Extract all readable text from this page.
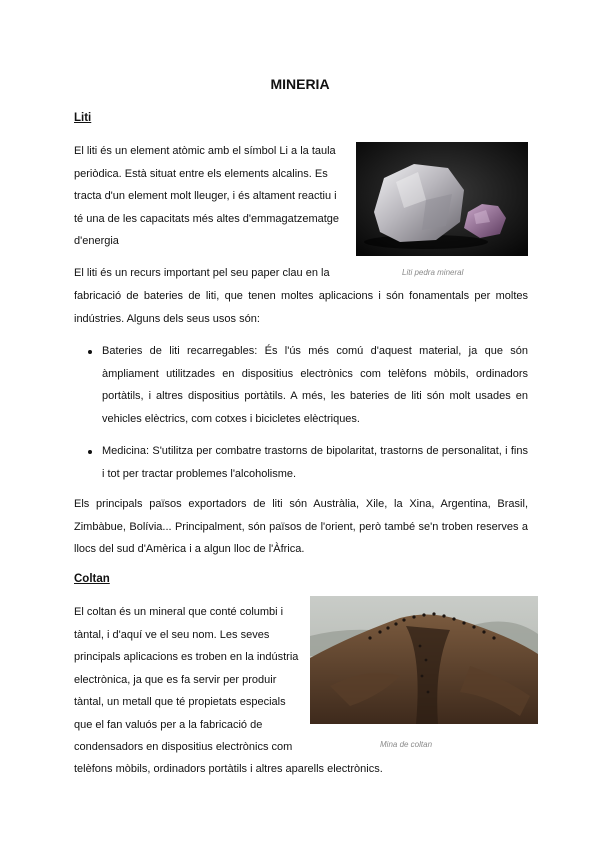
MINERIA
Liti
El liti és un element atòmic amb el símbol Li a la taula
periòdica. Està situat entre els elements alcalins. Es
tracta d'un element molt lleuger, i és altament reactiu i
té una de les capacitats més altes d'emmagatzematge
d'energia
Liti pedra mineral
El liti és un recurs important pel seu paper clau en la
fabricació de bateries de liti, que tenen moltes aplicacions i són fonamentals per moltes indústries. Alguns dels seus usos són:
Bateries de liti recarregables: És l'ús més comú d'aquest material, ja que són àmpliament utilitzades en dispositius electrònics com telèfons mòbils, ordinadors portàtils, i altres dispositius portàtils. A més, les bateries de liti són molt usades en vehicles elèctrics, com cotxes i bicicletes elèctriques.
Medicina: S'utilitza per combatre trastorns de bipolaritat, trastorns de personalitat, i fins i tot per tractar problemes l'alcoholisme.
Els principals països exportadors de liti són Austràlia, Xile, la Xina, Argentina, Brasil, Zimbàbue, Bolívia... Principalment, són països de l'orient, però també se'n troben reserves a llocs del sud d'Amèrica i a algun lloc de l'Àfrica.
Coltan
El coltan és un mineral que conté columbi i
tàntal, i d'aquí ve el seu nom. Les seves
principals aplicacions es troben en la indústria
electrònica, ja que es fa servir per produir
tàntal, un metall que té propietats especials
que el fan valuós per a la fabricació de
condensadors en dispositius electrònics com	Mina de coltan
telèfons mòbils, ordinadors portàtils i altres aparells electrònics.
